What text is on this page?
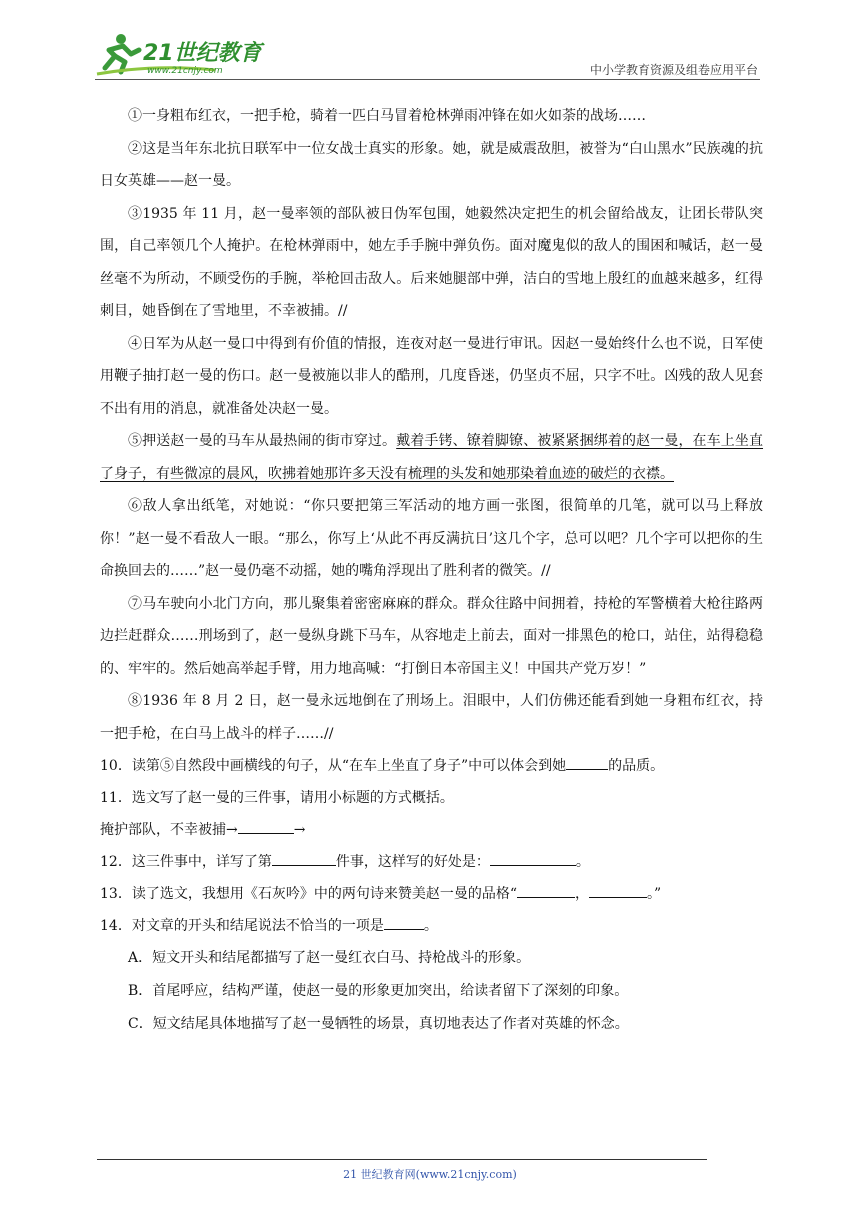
21世纪教育
www.21cnjy.com	中小学教育资源及组卷应用平台

①一身粗布红衣，一把手枪，骑着一匹白马冒着枪林弹雨冲锋在如火如荼的战场……

②这是当年东北抗日联军中一位女战士真实的形象。她，就是威震敌胆，被誉为“白山黑水”民族魂的抗日女英雄——赵一曼。

③1935 年 11 月，赵一曼率领的部队被日伪军包围，她毅然决定把生的机会留给战友，让团长带队突围，自己率领几个人掩护。在枪林弹雨中，她左手手腕中弹负伤。面对魔鬼似的敌人的围困和喊话，赵一曼丝毫不为所动，不顾受伤的手腕，举枪回击敌人。后来她腿部中弹，洁白的雪地上殷红的血越来越多，红得刺目，她昏倒在了雪地里，不幸被捕。//

④日军为从赵一曼口中得到有价值的情报，连夜对赵一曼进行审讯。因赵一曼始终什么也不说，日军使用鞭子抽打赵一曼的伤口。赵一曼被施以非人的酷刑，几度昏迷，仍坚贞不屈，只字不吐。凶残的敌人见套不出有用的消息，就准备处决赵一曼。

⑤押送赵一曼的马车从最热闹的街市穿过。戴着手铐、镣着脚镣、被紧紧捆绑着的赵一曼，在车上坐直了身子，有些微凉的晨风，吹拂着她那许多天没有梳理的头发和她那染着血迹的破烂的衣襟。

⑥敌人拿出纸笔，对她说：“你只要把第三军活动的地方画一张图，很简单的几笔，就可以马上释放你！”赵一曼不看敌人一眼。“那么，你写上‘从此不再反满抗日’这几个字，总可以吧？几个字可以把你的生命换回去的……”赵一曼仍毫不动摇，她的嘴角浮现出了胜利者的微笑。//

⑦马车驶向小北门方向，那儿聚集着密密麻麻的群众。群众往路中间拥着，持枪的军警横着大枪往路两边拦赶群众……刑场到了，赵一曼纵身跳下马车，从容地走上前去，面对一排黑色的枪口，站住，站得稳稳的、牢牢的。然后她高举起手臂，用力地高喊：“打倒日本帝国主义！中国共产党万岁！”

⑧1936 年 8 月 2 日，赵一曼永远地倒在了刑场上。泪眼中，人们仿佛还能看到她一身粗布红衣，持一把手枪，在白马上战斗的样子……//

10．读第⑤自然段中画横线的句子，从“在车上坐直了身子”中可以体会到她	的品质。

11．选文写了赵一曼的三件事，请用小标题的方式概括。

掩护部队，不幸被捕→	→

12．这三件事中，详写了第	件事，这样写的好处是：	。

13．读了选文，我想用《石灰吟》中的两句诗来赞美赵一曼的品格“	，	。”

14．对文章的开头和结尾说法不恰当的一项是	。

A．短文开头和结尾都描写了赵一曼红衣白马、持枪战斗的形象。

B．首尾呼应，结构严谨，使赵一曼的形象更加突出，给读者留下了深刻的印象。

C．短文结尾具体地描写了赵一曼牺牲的场景，真切地表达了作者对英雄的怀念。

21 世纪教育网(www.21cnjy.com)
